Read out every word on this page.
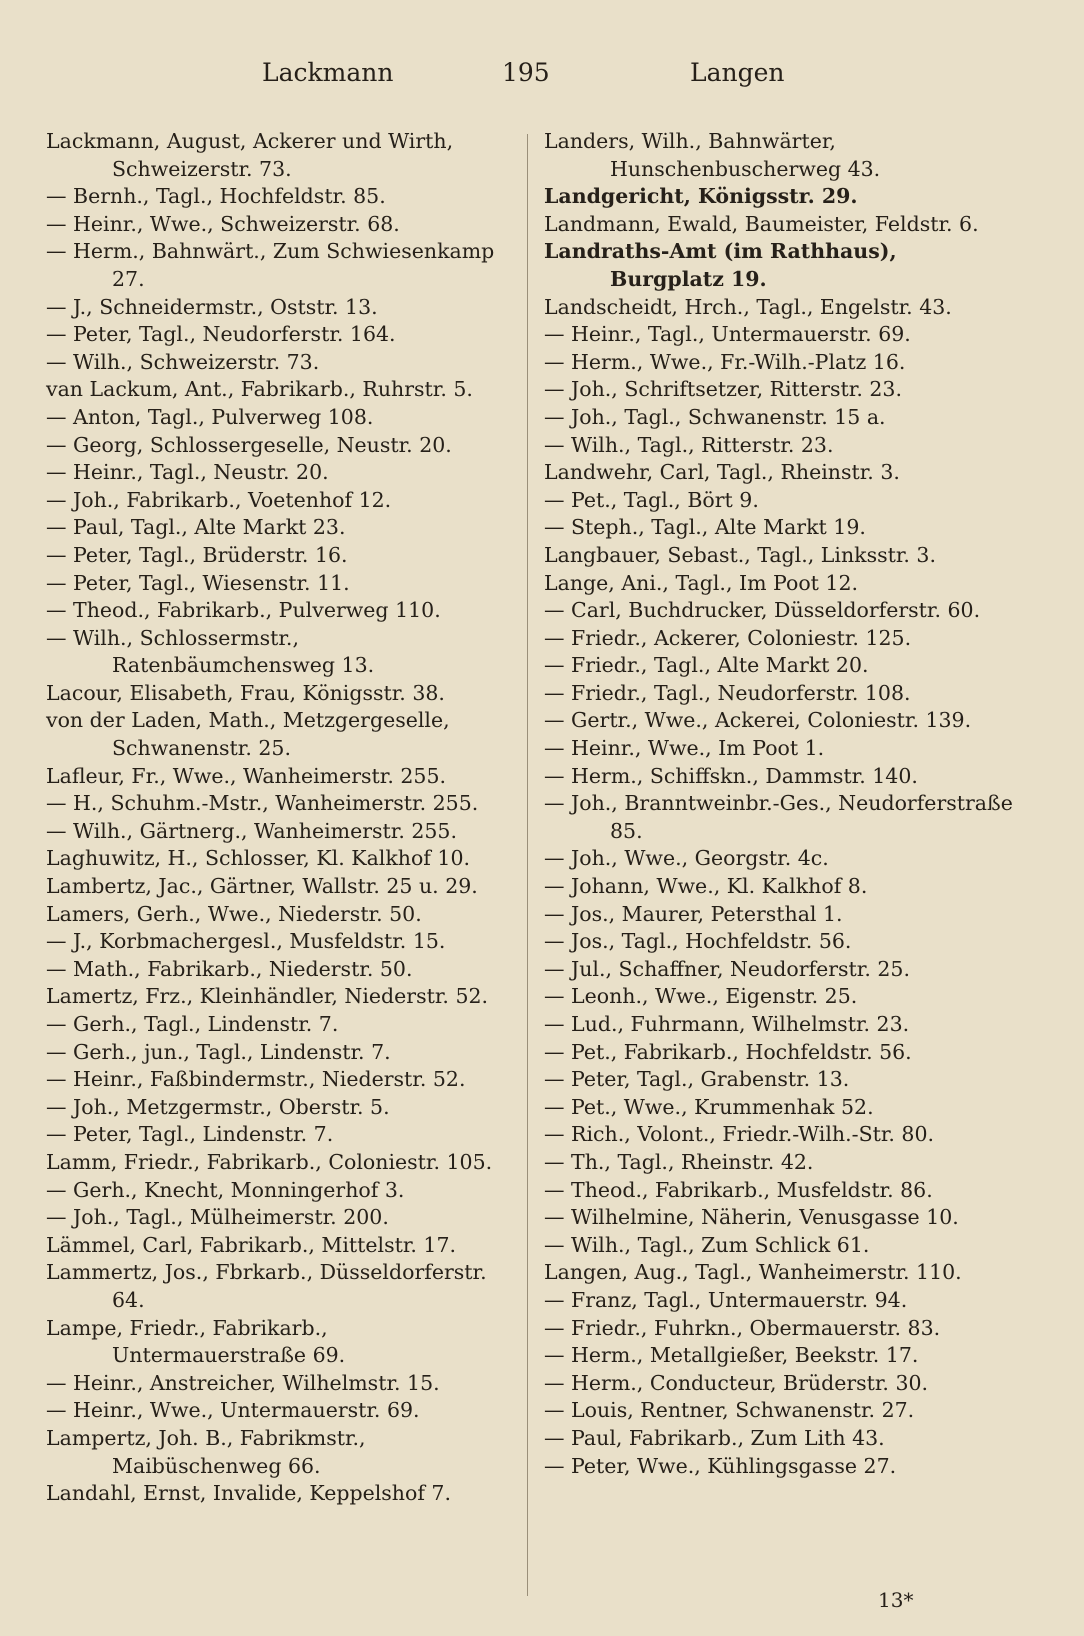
Lackmann	195	Langen
Lackmann, August, Ackerer und Wirth, Schweizerstr. 73.
— Bernh., Tagl., Hochfeldstr. 85.
— Heinr., Wwe., Schweizerstr. 68.
— Herm., Bahnwärt., Zum Schwiesenkamp 27.
— J., Schneidermstr., Oststr. 13.
— Peter, Tagl., Neudorferstr. 164.
— Wilh., Schweizerstr. 73.
van Lackum, Ant., Fabrikarb., Ruhrstr. 5.
— Anton, Tagl., Pulverweg 108.
— Georg, Schlossergeselle, Neustr. 20.
— Heinr., Tagl., Neustr. 20.
— Joh., Fabrikarb., Voetenhof 12.
— Paul, Tagl., Alte Markt 23.
— Peter, Tagl., Brüderstr. 16.
— Peter, Tagl., Wiesenstr. 11.
— Theod., Fabrikarb., Pulverweg 110.
— Wilh., Schlossermstr., Ratenbäumchensweg 13.
Lacour, Elisabeth, Frau, Königsstr. 38.
von der Laden, Math., Metzgergeselle, Schwanenstr. 25.
Lafleur, Fr., Wwe., Wanheimerstr. 255.
— H., Schuhm.-Mstr., Wanheimerstr. 255.
— Wilh., Gärtnerg., Wanheimerstr. 255.
Laghuwitz, H., Schlosser, Kl. Kalkhof 10.
Lambertz, Jac., Gärtner, Wallstr. 25 u. 29.
Lamers, Gerh., Wwe., Niederstr. 50.
— J., Korbmachergesl., Musfeldstr. 15.
— Math., Fabrikarb., Niederstr. 50.
Lamertz, Frz., Kleinhändler, Niederstr. 52.
— Gerh., Tagl., Lindenstr. 7.
— Gerh., jun., Tagl., Lindenstr. 7.
— Heinr., Faßbindermstr., Niederstr. 52.
— Joh., Metzgermstr., Oberstr. 5.
— Peter, Tagl., Lindenstr. 7.
Lamm, Friedr., Fabrikarb., Coloniestr. 105.
— Gerh., Knecht, Monningerhof 3.
— Joh., Tagl., Mülheimerstr. 200.
Lämmel, Carl, Fabrikarb., Mittelstr. 17.
Lammertz, Jos., Fbrkarb., Düsseldorferstr. 64.
Lampe, Friedr., Fabrikarb., Untermauerstraße 69.
— Heinr., Anstreicher, Wilhelmstr. 15.
— Heinr., Wwe., Untermauerstr. 69.
Lampertz, Joh. B., Fabrikmstr., Maibüschenweg 66.
Landahl, Ernst, Invalide, Keppelshof 7.
Landers, Wilh., Bahnwärter, Hunschenbuscherweg 43.
Landgericht, Königsstr. 29.
Landmann, Ewald, Baumeister, Feldstr. 6.
Landraths-Amt (im Rathhaus), Burgplatz 19.
Landscheidt, Hrch., Tagl., Engelstr. 43.
— Heinr., Tagl., Untermauerstr. 69.
— Herm., Wwe., Fr.-Wilh.-Platz 16.
— Joh., Schriftsetzer, Ritterstr. 23.
— Joh., Tagl., Schwanenstr. 15 a.
— Wilh., Tagl., Ritterstr. 23.
Landwehr, Carl, Tagl., Rheinstr. 3.
— Pet., Tagl., Bört 9.
— Steph., Tagl., Alte Markt 19.
Langbauer, Sebast., Tagl., Linksstr. 3.
Lange, Ani., Tagl., Im Poot 12.
— Carl, Buchdrucker, Düsseldorferstr. 60.
— Friedr., Ackerer, Coloniestr. 125.
— Friedr., Tagl., Alte Markt 20.
— Friedr., Tagl., Neudorferstr. 108.
— Gertr., Wwe., Ackerei, Coloniestr. 139.
— Heinr., Wwe., Im Poot 1.
— Herm., Schiffskn., Dammstr. 140.
— Joh., Branntweinbr.-Ges., Neudorferstraße 85.
— Joh., Wwe., Georgstr. 4c.
— Johann, Wwe., Kl. Kalkhof 8.
— Jos., Maurer, Petersthal 1.
— Jos., Tagl., Hochfeldstr. 56.
— Jul., Schaffner, Neudorferstr. 25.
— Leonh., Wwe., Eigenstr. 25.
— Lud., Fuhrmann, Wilhelmstr. 23.
— Pet., Fabrikarb., Hochfeldstr. 56.
— Peter, Tagl., Grabenstr. 13.
— Pet., Wwe., Krummenhak 52.
— Rich., Volont., Friedr.-Wilh.-Str. 80.
— Th., Tagl., Rheinstr. 42.
— Theod., Fabrikarb., Musfeldstr. 86.
— Wilhelmine, Näherin, Venusgasse 10.
— Wilh., Tagl., Zum Schlick 61.
Langen, Aug., Tagl., Wanheimerstr. 110.
— Franz, Tagl., Untermauerstr. 94.
— Friedr., Fuhrkn., Obermauerstr. 83.
— Herm., Metallgießer, Beekstr. 17.
— Herm., Conducteur, Brüderstr. 30.
— Louis, Rentner, Schwanenstr. 27.
— Paul, Fabrikarb., Zum Lith 43.
— Peter, Wwe., Kühlingsgasse 27.
13*
